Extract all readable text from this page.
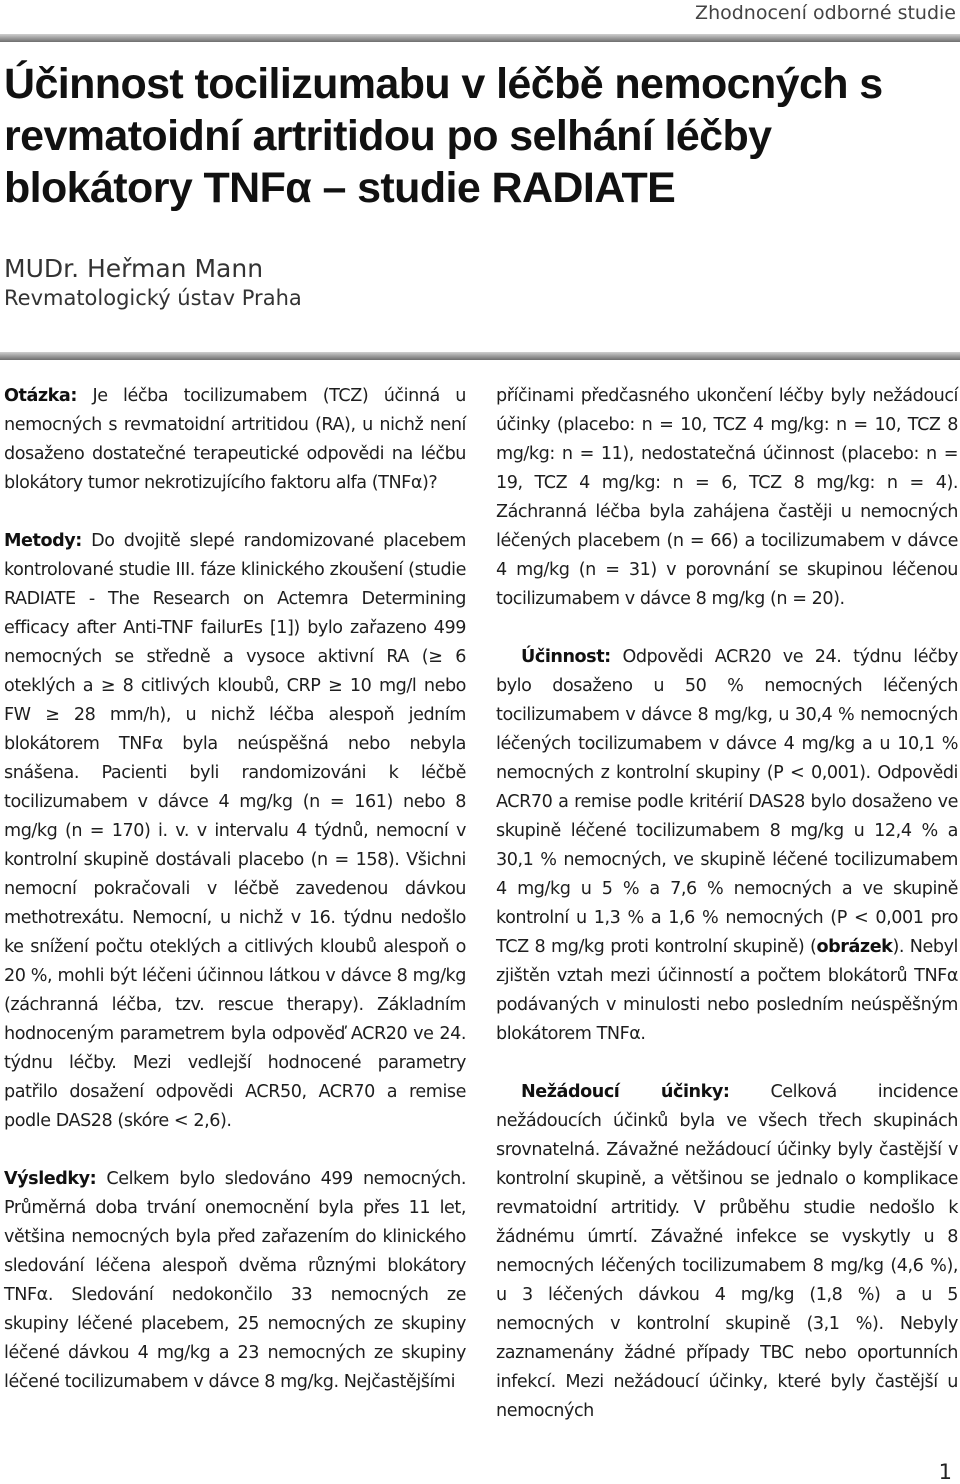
Zhodnocení odborné studie
Účinnost tocilizumabu v léčbě nemocných s revmatoidní artritidou po selhání léčby blokátory TNFα – studie RADIATE
MUDr. Heřman Mann
Revmatologický ústav Praha

Otázka: Je léčba tocilizumabem (TCZ) účinná u nemocných s revmatoidní artritidou (RA), u nichž není dosaženo dostatečné terapeutické odpovědi na léčbu blokátory tumor nekrotizujícího faktoru alfa (TNFα)?

Metody: Do dvojitě slepé randomizované placebem kontrolované studie III. fáze klinického zkoušení (studie RADIATE - The Research on Actemra Determining efficacy after Anti-TNF failurEs [1]) bylo zařazeno 499 nemocných se středně a vysoce aktivní RA (≥ 6 oteklých a ≥ 8 citlivých kloubů, CRP ≥ 10 mg/l nebo FW ≥ 28 mm/h), u nichž léčba alespoň jedním blokátorem TNFα byla neúspěšná nebo nebyla snášena. Pacienti byli randomizováni k léčbě tocilizumabem v dávce 4 mg/kg (n = 161) nebo 8 mg/kg (n = 170) i. v. v intervalu 4 týdnů, nemocní v kontrolní skupině dostávali placebo (n = 158). Všichni nemocní pokračovali v léčbě zavedenou dávkou methotrexátu. Nemocní, u nichž v 16. týdnu nedošlo ke snížení počtu oteklých a citlivých kloubů alespoň o 20 %, mohli být léčeni účinnou látkou v dávce 8 mg/kg (záchranná léčba, tzv. rescue therapy). Základním hodnoceným parametrem byla odpověď ACR20 ve 24. týdnu léčby. Mezi vedlejší hodnocené parametry patřilo dosažení odpovědi ACR50, ACR70 a remise podle DAS28 (skóre < 2,6).

Výsledky: Celkem bylo sledováno 499 nemocných. Průměrná doba trvání onemocnění byla přes 11 let, většina nemocných byla před zařazením do klinického sledování léčena alespoň dvěma různými blokátory TNFα. Sledování nedokončilo 33 nemocných ze skupiny léčené placebem, 25 nemocných ze skupiny léčené dávkou 4 mg/kg a 23 nemocných ze skupiny léčené tocilizumabem v dávce 8 mg/kg. Nejčastějšími

příčinami předčasného ukončení léčby byly nežádoucí účinky (placebo: n = 10, TCZ 4 mg/kg: n = 10, TCZ 8 mg/kg: n = 11), nedostatečná účinnost (placebo: n = 19, TCZ 4 mg/kg: n = 6, TCZ 8 mg/kg: n = 4). Záchranná léčba byla zahájena častěji u nemocných léčených placebem (n = 66) a tocilizumabem v dávce 4 mg/kg (n = 31) v porovnání se skupinou léčenou tocilizumabem v dávce 8 mg/kg (n = 20).

Účinnost: Odpovědi ACR20 ve 24. týdnu léčby bylo dosaženo u 50 % nemocných léčených tocilizumabem v dávce 8 mg/kg, u 30,4 % nemocných léčených tocilizumabem v dávce 4 mg/kg a u 10,1 % nemocných z kontrolní skupiny (P < 0,001). Odpovědi ACR70 a remise podle kritérií DAS28 bylo dosaženo ve skupině léčené tocilizumabem 8 mg/kg u 12,4 % a 30,1 % nemocných, ve skupině léčené tocilizumabem 4 mg/kg u 5 % a 7,6 % nemocných a ve skupině kontrolní u 1,3 % a 1,6 % nemocných (P < 0,001 pro TCZ 8 mg/kg proti kontrolní skupině) (obrázek). Nebyl zjištěn vztah mezi účinností a počtem blokátorů TNFα podávaných v minulosti nebo posledním neúspěšným blokátorem TNFα.

Nežádoucí účinky: Celková incidence nežádoucích účinků byla ve všech třech skupinách srovnatelná. Závažné nežádoucí účinky byly častější v kontrolní skupině, a většinou se jednalo o komplikace revmatoidní artritidy. V průběhu studie nedošlo k žádnému úmrtí. Závažné infekce se vyskytly u 8 nemocných léčených tocilizumabem 8 mg/kg (4,6 %), u 3 léčených dávkou 4 mg/kg (1,8 %) a u 5 nemocných v kontrolní skupině (3,1 %). Nebyly zaznamenány žádné případy TBC nebo oportunních infekcí. Mezi nežádoucí účinky, které byly častější u nemocných

1
